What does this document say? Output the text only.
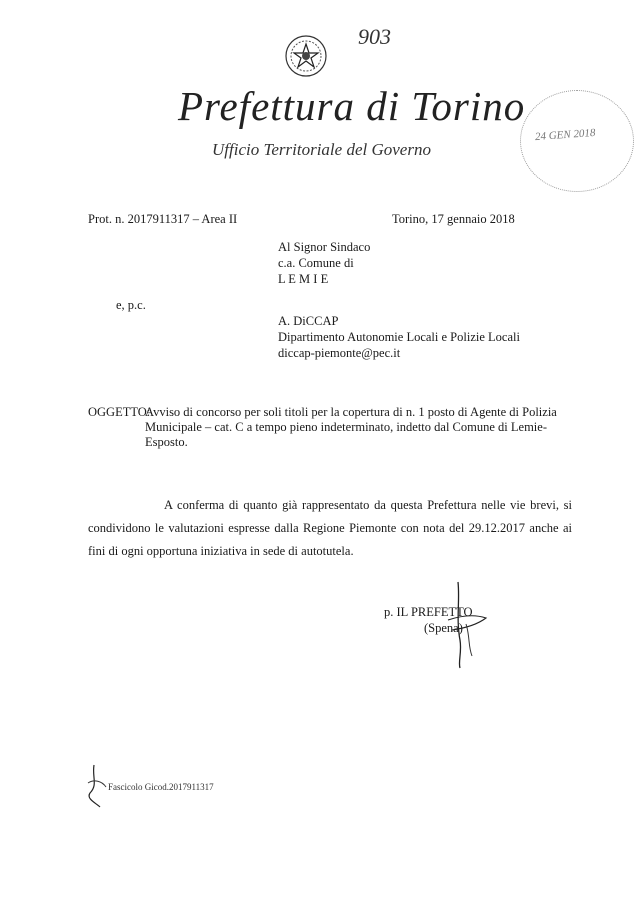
903
Prefettura di Torino
Ufficio Territoriale del Governo
24 GEN 2018
Prot. n. 2017911317 – Area II	Torino, 17 gennaio 2018
Al Signor Sindaco
c.a. Comune di
L E M I E
e, p.c.
A. DiCCAP
Dipartimento Autonomie Locali e Polizie Locali
diccap-piemonte@pec.it
OGGETTO:
Avviso di concorso per soli titoli per la copertura di n. 1 posto di Agente di Polizia Municipale – cat. C a tempo pieno indeterminato, indetto dal Comune di Lemie- Esposto.
A conferma di quanto già rappresentato da questa Prefettura nelle vie brevi, si condividono le valutazioni espresse dalla Regione Piemonte con nota del 29.12.2017 anche ai fini di ogni opportuna iniziativa in sede di autotutela.
p. IL PREFETTO
(Spena)
Fascicolo Gicod.2017911317
